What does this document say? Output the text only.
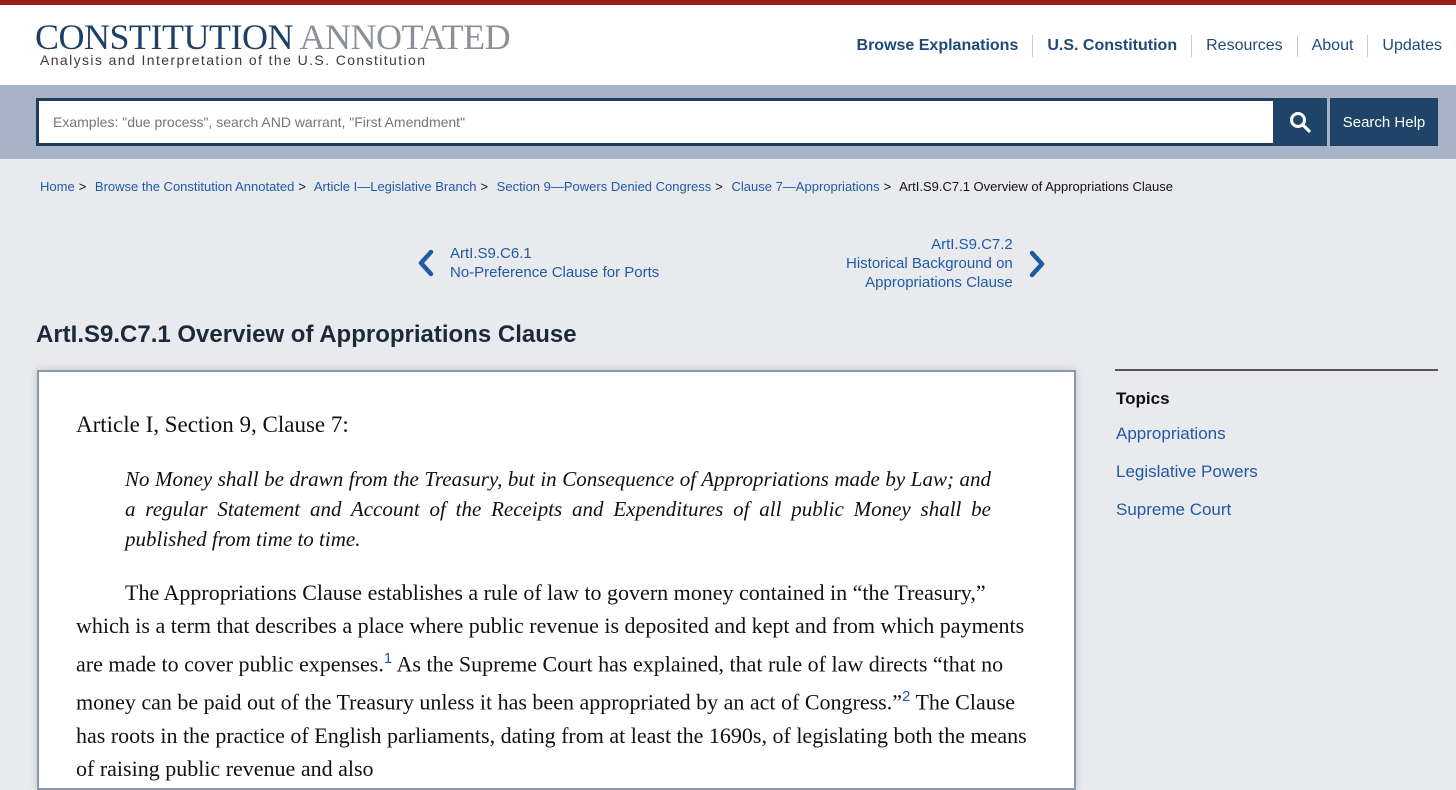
CONSTITUTION ANNOTATED
Analysis and Interpretation of the U.S. Constitution
Browse Explanations	U.S. Constitution	Resources	About	Updates
Examples: "due process", search AND warrant, "First Amendment"
Search Help
Home > Browse the Constitution Annotated > Article I—Legislative Branch > Section 9—Powers Denied Congress > Clause 7—Appropriations > ArtI.S9.C7.1 Overview of Appropriations Clause
ArtI.S9.C6.1
No-Preference Clause for Ports
ArtI.S9.C7.2
Historical Background on
Appropriations Clause
ArtI.S9.C7.1 Overview of Appropriations Clause
Article I, Section 9, Clause 7:
No Money shall be drawn from the Treasury, but in Consequence of Appropriations made by Law; and a regular Statement and Account of the Receipts and Expenditures of all public Money shall be published from time to time.
The Appropriations Clause establishes a rule of law to govern money contained in “the Treasury,” which is a term that describes a place where public revenue is deposited and kept and from which payments are made to cover public expenses.$^1$ As the Supreme Court has explained, that rule of law directs “that no money can be paid out of the Treasury unless it has been appropriated by an act of Congress.”$^2$ The Clause has roots in the practice of English parliaments, dating from at least the 1690s, of legislating both the means of raising public revenue and also
Topics
Appropriations
Legislative Powers
Supreme Court
